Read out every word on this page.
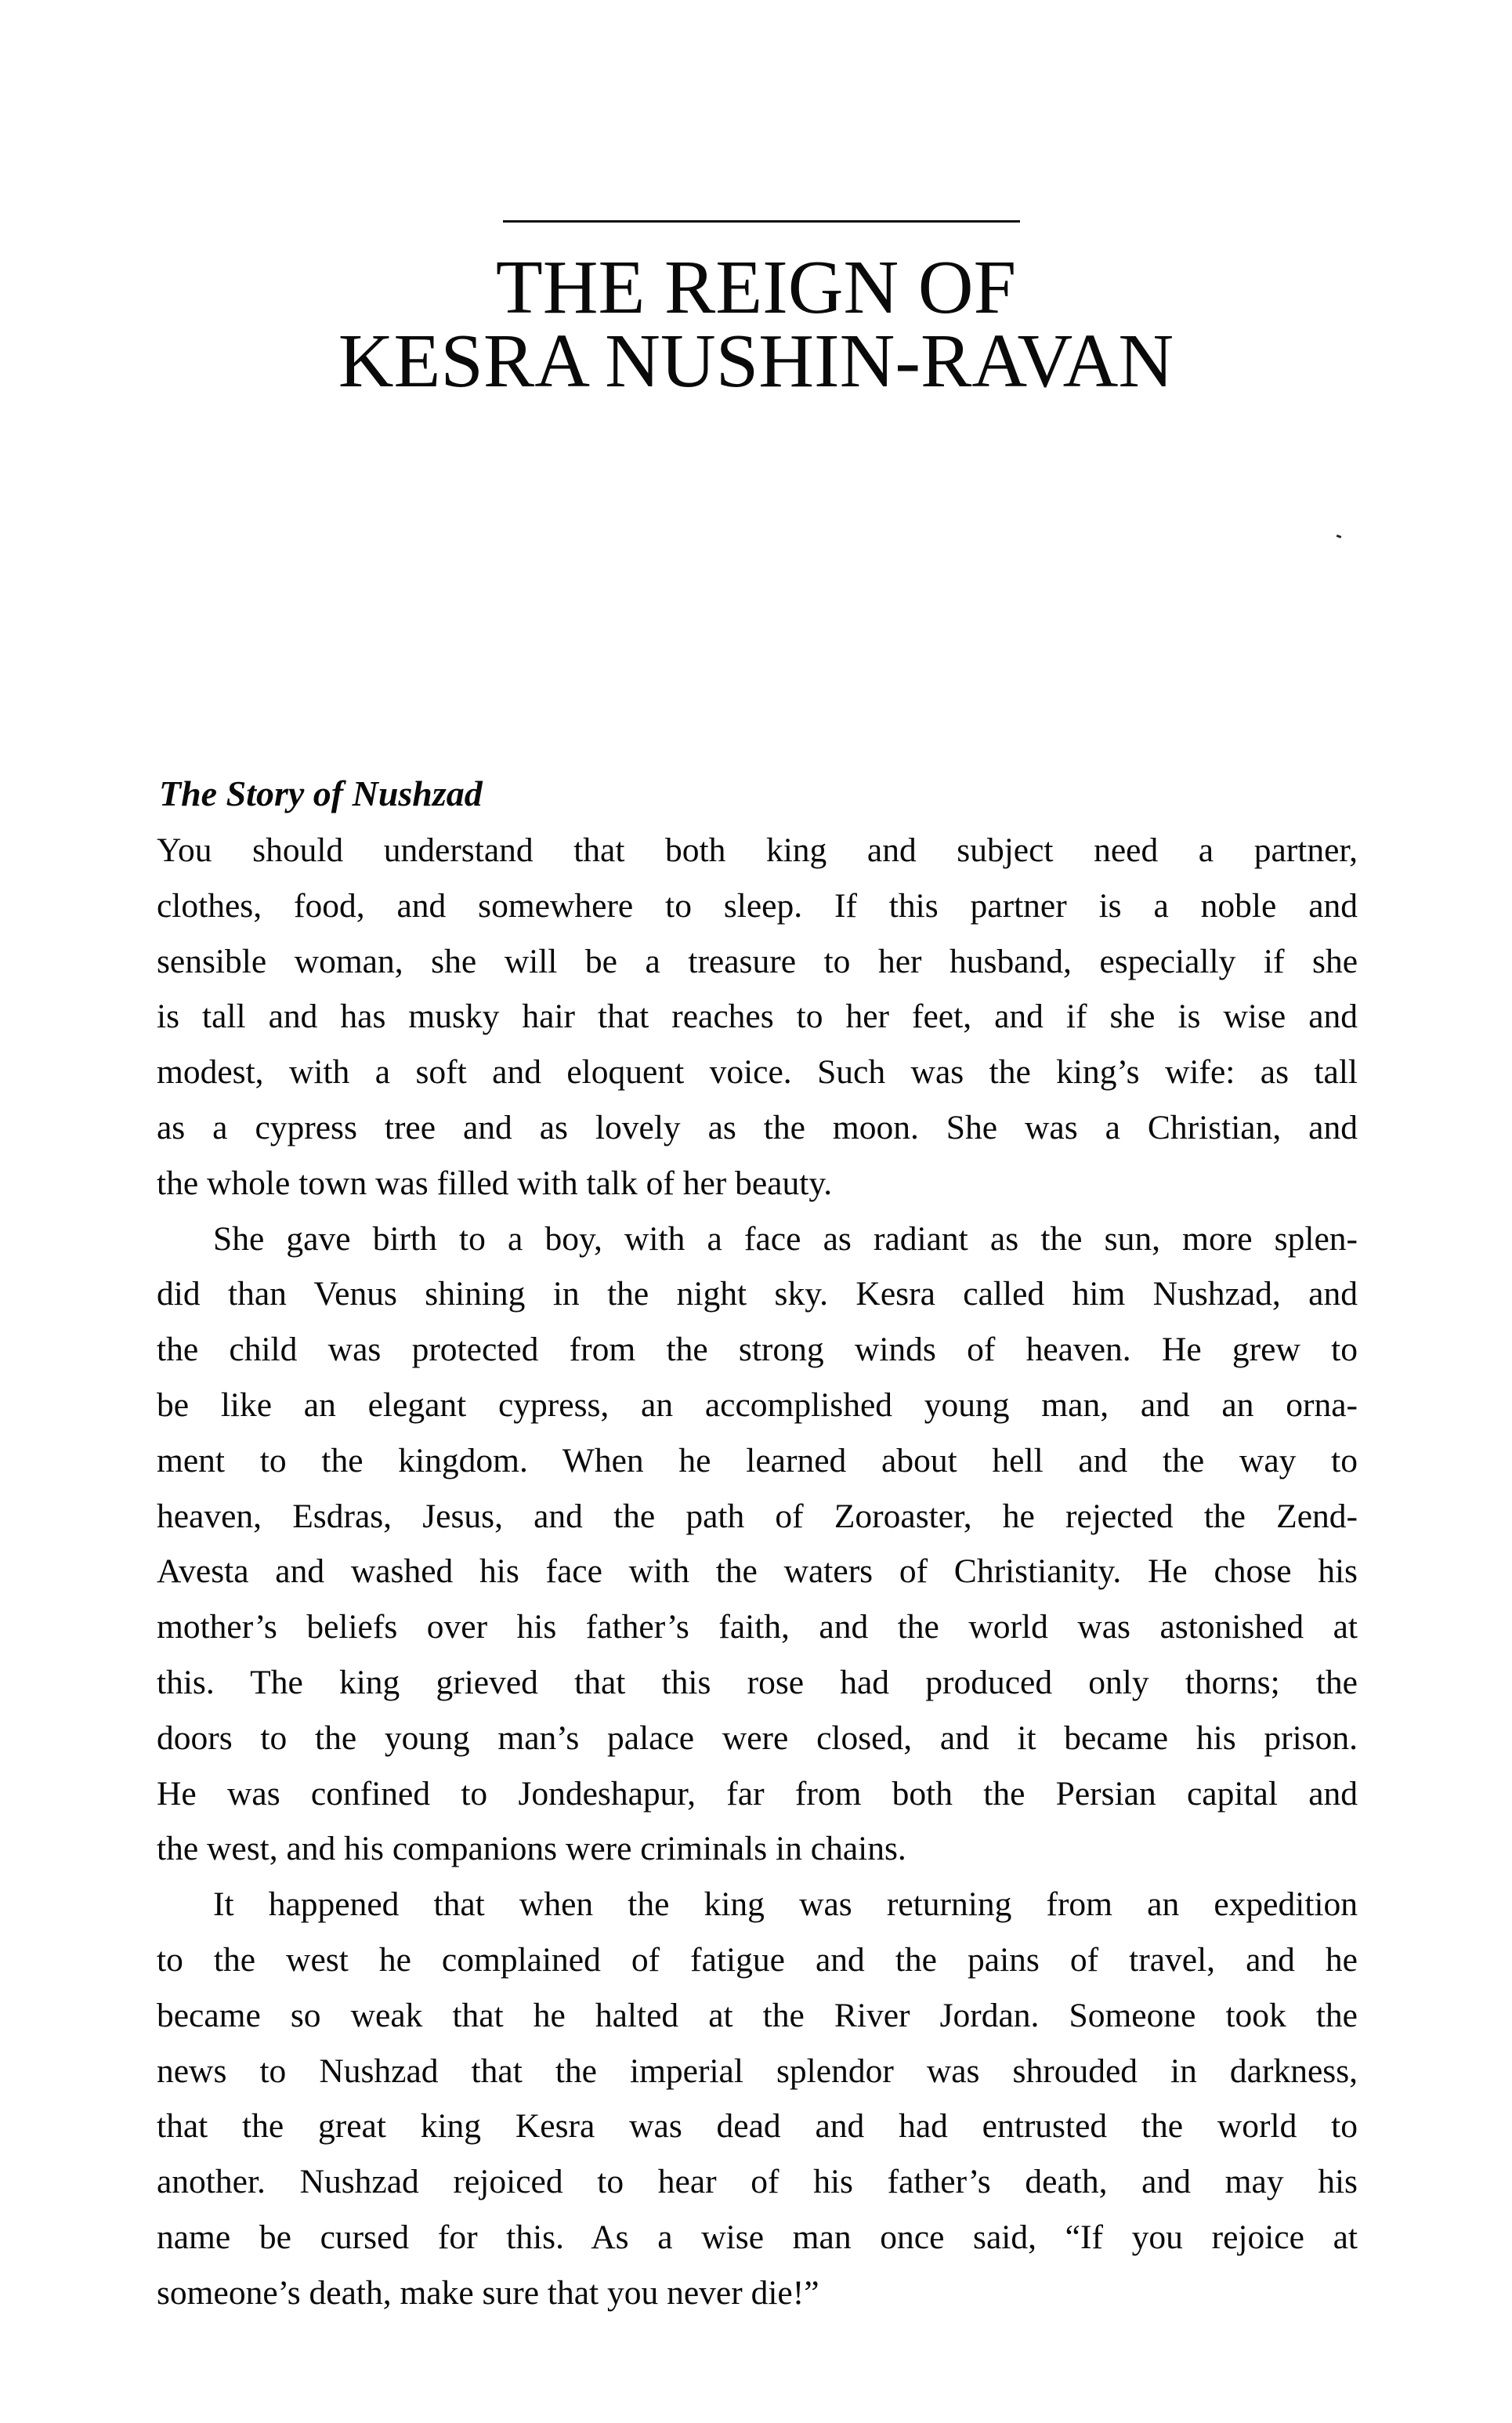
THE REIGN OF
KESRA NUSHIN-RAVAN
The Story of Nushzad
You should understand that both king and subject need a partner,
clothes, food, and somewhere to sleep. If this partner is a noble and
sensible woman, she will be a treasure to her husband, especially if she
is tall and has musky hair that reaches to her feet, and if she is wise and
modest, with a soft and eloquent voice. Such was the king’s wife: as tall
as a cypress tree and as lovely as the moon. She was a Christian, and
the whole town was filled with talk of her beauty.
She gave birth to a boy, with a face as radiant as the sun, more splen-
did than Venus shining in the night sky. Kesra called him Nushzad, and
the child was protected from the strong winds of heaven. He grew to
be like an elegant cypress, an accomplished young man, and an orna-
ment to the kingdom. When he learned about hell and the way to
heaven, Esdras, Jesus, and the path of Zoroaster, he rejected the Zend-
Avesta and washed his face with the waters of Christianity. He chose his
mother’s beliefs over his father’s faith, and the world was astonished at
this. The king grieved that this rose had produced only thorns; the
doors to the young man’s palace were closed, and it became his prison.
He was confined to Jondeshapur, far from both the Persian capital and
the west, and his companions were criminals in chains.
It happened that when the king was returning from an expedition
to the west he complained of fatigue and the pains of travel, and he
became so weak that he halted at the River Jordan. Someone took the
news to Nushzad that the imperial splendor was shrouded in darkness,
that the great king Kesra was dead and had entrusted the world to
another. Nushzad rejoiced to hear of his father’s death, and may his
name be cursed for this. As a wise man once said, “If you rejoice at
someone’s death, make sure that you never die!”
